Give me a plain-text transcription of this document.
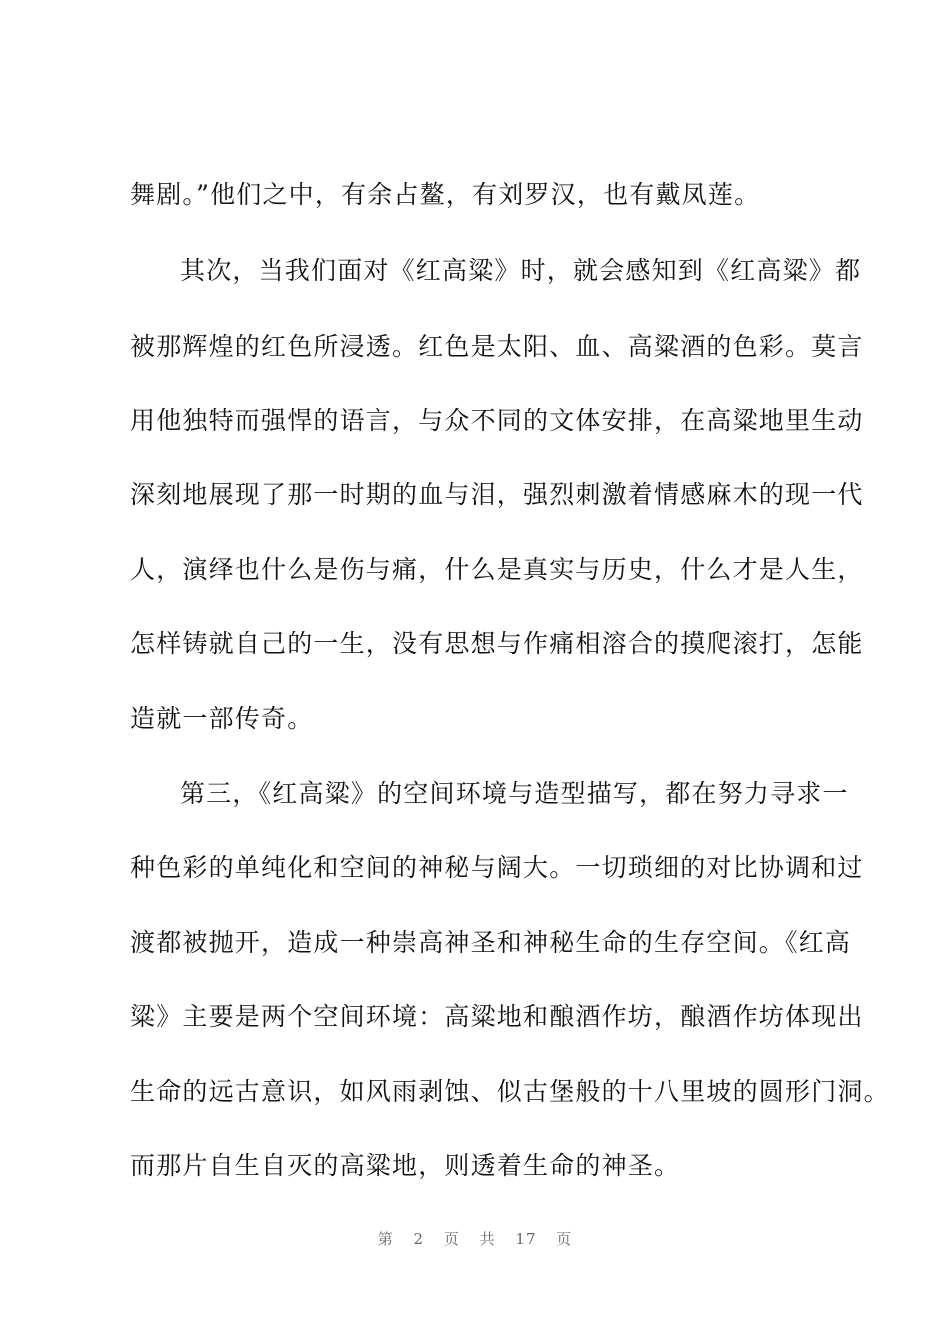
舞剧。”他们之中，有余占鳌，有刘罗汉，也有戴凤莲。
其次，当我们面对《红高粱》时，就会感知到《红高粱》都
被那辉煌的红色所浸透。红色是太阳、血、高粱酒的色彩。莫言
用他独特而强悍的语言，与众不同的文体安排，在高粱地里生动
深刻地展现了那一时期的血与泪，强烈刺激着情感麻木的现一代
人，演绎也什么是伤与痛，什么是真实与历史，什么才是人生，
怎样铸就自己的一生，没有思想与作痛相溶合的摸爬滚打，怎能
造就一部传奇。
第三，《红高粱》的空间环境与造型描写，都在努力寻求一
种色彩的单纯化和空间的神秘与阔大。一切琐细的对比协调和过
渡都被抛开，造成一种崇高神圣和神秘生命的生存空间。《红高
粱》主要是两个空间环境：高粱地和酿酒作坊，酿酒作坊体现出
生命的远古意识，如风雨剥蚀、似古堡般的十八里坡的圆形门洞。
而那片自生自灭的高粱地，则透着生命的神圣。
第 2 页 共 17 页
